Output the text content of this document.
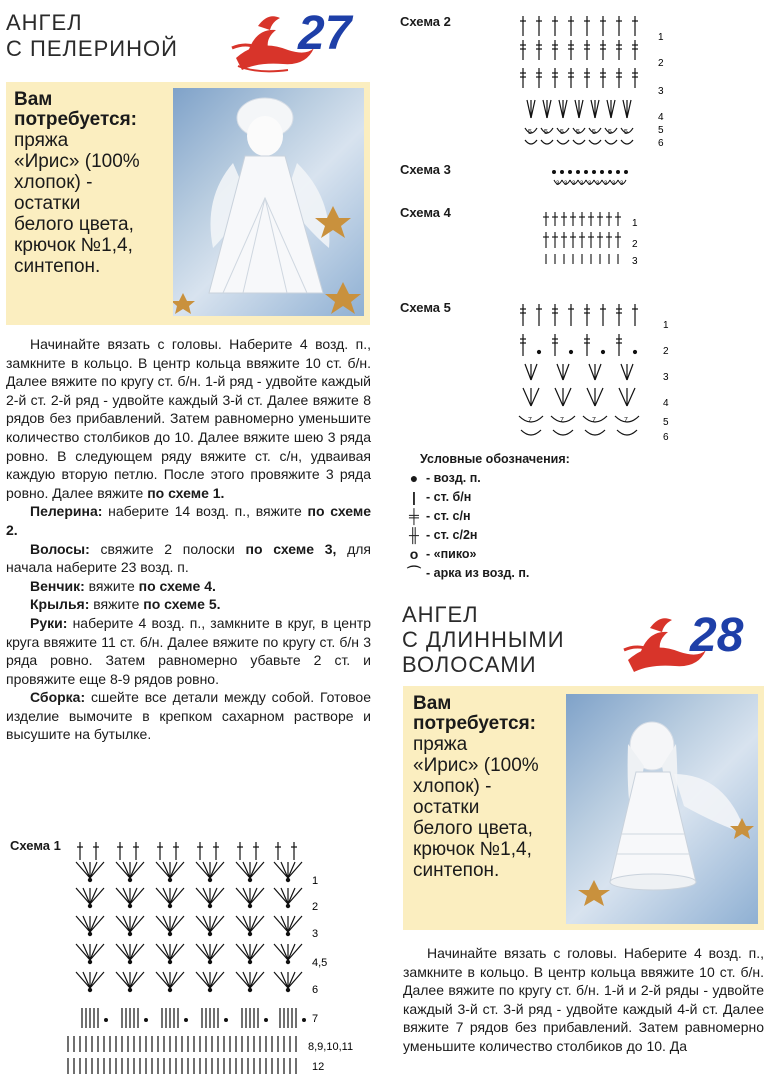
АНГЕЛ
С ПЕЛЕРИНОЙ	27
Вам
потребуется:
пряжа
«Ирис» (100%
хлопок) -
остатки
белого цвета,
крючок №1,4,
синтепон.

Начинайте вязать с головы. Наберите 4 возд. п., замкните в кольцо. В центр кольца ввяжите 10 ст. б/н. Далее вяжите по кругу ст. б/н. 1-й ряд - удвойте каждый 2-й ст. 2-й ряд - удвойте каждый 3-й ст. Далее вяжите 8 рядов без прибавлений. Затем равномерно уменьшите количество столбиков до 10. Далее вяжите шею 3 ряда ровно. В следующем ряду вяжите ст. с/н, удваивая каждую вторую петлю. После этого провяжите 3 ряда ровно. Далее вяжите по схеме 1.

Пелерина: наберите 14 возд. п., вяжите по схеме 2.

Волосы: свяжите 2 полоски по схеме 3, для начала наберите 23 возд. п.

Венчик: вяжите по схеме 4.

Крылья: вяжите по схеме 5.

Руки: наберите 4 возд. п., замкните в круг, в центр круга ввяжите 11 ст. б/н. Далее вяжите по кругу ст. б/н 3 ряда ровно. Затем равномерно убавьте 2 ст. и провяжите еще 8-9 рядов ровно.

Сборка: сшейте все детали между собой. Готовое изделие вымочите в крепком сахарном растворе и высушите на бутылке.

Схема 1
1
2
3
4,5
6
7
8,9,10,11
12
Схема 2
5 5 5 5 5 5 5
1
2
3
4
5
6
Схема 3
3 3 3 3 3 3 3 3 3
Схема 4
1
2
3
Схема 5
7	7	7	7
1
2
3
4
5
6
Условные обозначения:
● - возд. п.
| - ст. б/н
╪ - ст. с/н
╫ - ст. с/2н
o - «пико»
⌒ - арка из возд. п.
АНГЕЛ
С ДЛИННЫМИ
ВОЛОСАМИ
28
Вам
потребуется:
пряжа
«Ирис» (100%
хлопок) -
остатки
белого цвета,
крючок №1,4,
синтепон.

Начинайте вязать с головы. Наберите 4 возд. п., замкните в кольцо. В центр кольца ввяжите 10 ст. б/н. Далее вяжите по кругу ст. б/н. 1-й и 2-й ряды - удвойте каждый 3-й ст. 3-й ряд - удвойте каждый 4-й ст. Далее вяжите 7 рядов без прибавлений. Затем равномерно уменьшите количество столбиков до 10. Да
